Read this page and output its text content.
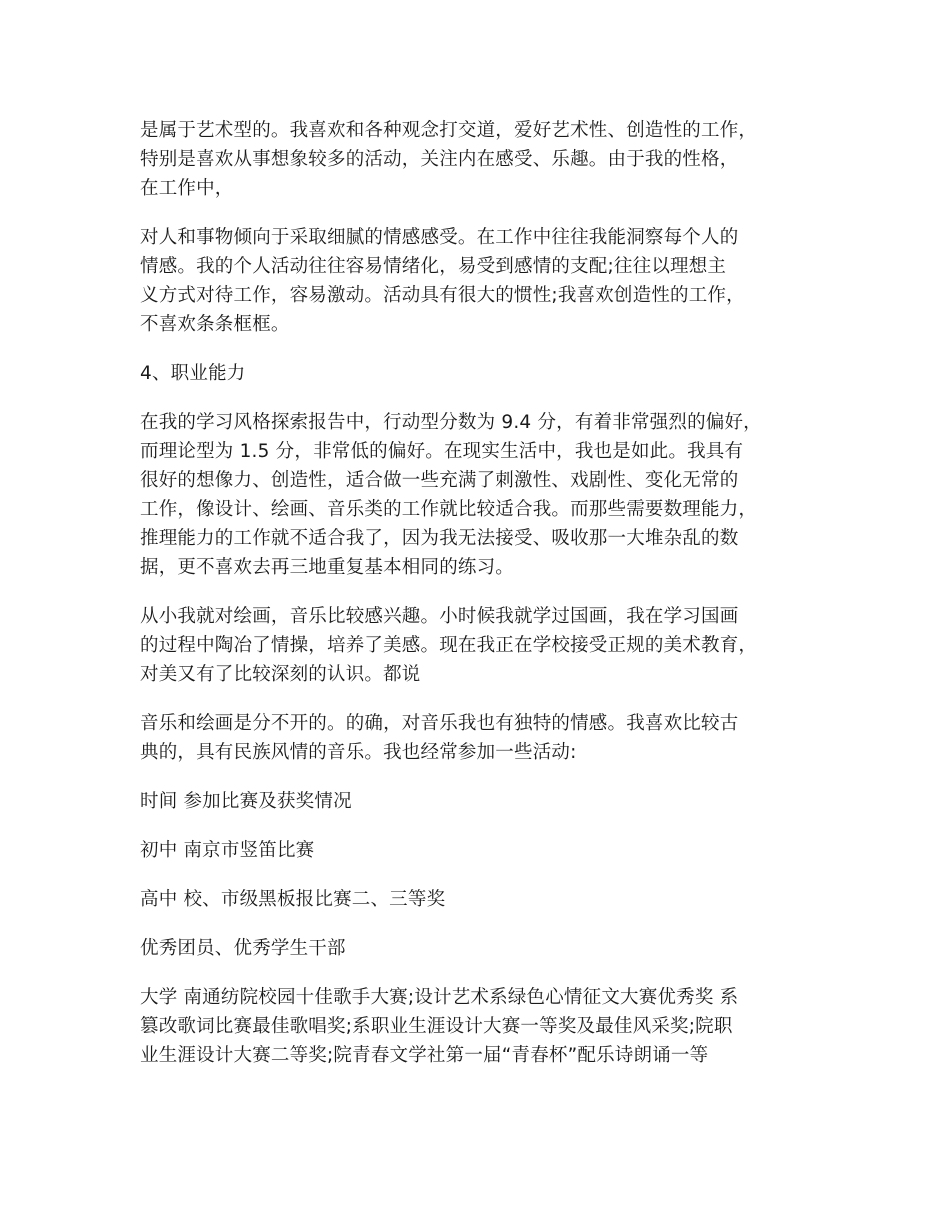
是属于艺术型的。我喜欢和各种观念打交道，爱好艺术性、创造性的工作，
特别是喜欢从事想象较多的活动，关注内在感受、乐趣。由于我的性格，
在工作中，
对人和事物倾向于采取细腻的情感感受。在工作中往往我能洞察每个人的
情感。我的个人活动往往容易情绪化，易受到感情的支配;往往以理想主
义方式对待工作，容易激动。活动具有很大的惯性;我喜欢创造性的工作，
不喜欢条条框框。
4、职业能力
在我的学习风格探索报告中，行动型分数为 9.4 分，有着非常强烈的偏好，
而理论型为 1.5 分，非常低的偏好。在现实生活中，我也是如此。我具有
很好的想像力、创造性，适合做一些充满了刺激性、戏剧性、变化无常的
工作，像设计、绘画、音乐类的工作就比较适合我。而那些需要数理能力，
推理能力的工作就不适合我了，因为我无法接受、吸收那一大堆杂乱的数
据，更不喜欢去再三地重复基本相同的练习。
从小我就对绘画，音乐比较感兴趣。小时候我就学过国画，我在学习国画
的过程中陶冶了情操，培养了美感。现在我正在学校接受正规的美术教育，
对美又有了比较深刻的认识。都说
音乐和绘画是分不开的。的确，对音乐我也有独特的情感。我喜欢比较古
典的，具有民族风情的音乐。我也经常参加一些活动:
时间 参加比赛及获奖情况
初中 南京市竖笛比赛
高中 校、市级黑板报比赛二、三等奖
优秀团员、优秀学生干部
大学 南通纺院校园十佳歌手大赛;设计艺术系绿色心情征文大赛优秀奖 系
篡改歌词比赛最佳歌唱奖;系职业生涯设计大赛一等奖及最佳风采奖;院职
业生涯设计大赛二等奖;院青春文学社第一届“青春杯”配乐诗朗诵一等
